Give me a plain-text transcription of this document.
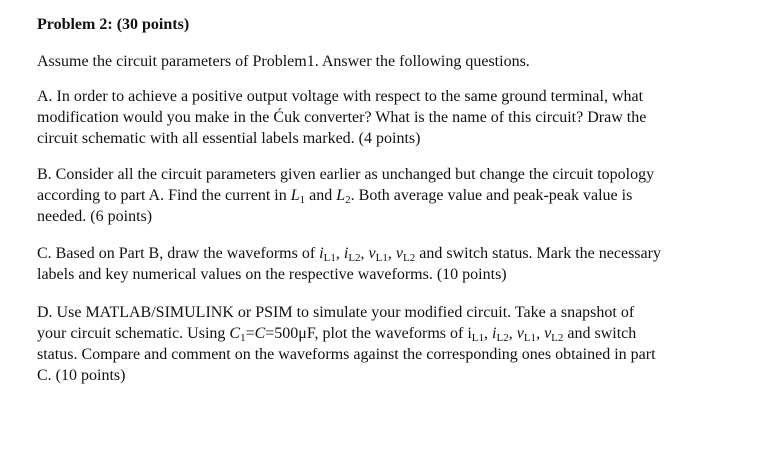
Problem 2: (30 points)
Assume the circuit parameters of Problem1. Answer the following questions.
A. In order to achieve a positive output voltage with respect to the same ground terminal, what
modification would you make in the Ćuk converter? What is the name of this circuit? Draw the
circuit schematic with all essential labels marked. (4 points)
B. Consider all the circuit parameters given earlier as unchanged but change the circuit topology
according to part A. Find the current in $L_1$ and $L_2$. Both average value and peak-peak value is
needed. (6 points)
C. Based on Part B, draw the waveforms of $i_{L1}$, $i_{L2}$, $v_{L1}$, $v_{L2}$ and switch status. Mark the necessary
labels and key numerical values on the respective waveforms. (10 points)
D. Use MATLAB/SIMULINK or PSIM to simulate your modified circuit. Take a snapshot of
your circuit schematic. Using $C_1=C=500\mu F$, plot the waveforms of $i_{L1}$, $i_{L2}$, $v_{L1}$, $v_{L2}$ and switch
status. Compare and comment on the waveforms against the corresponding ones obtained in part
C. (10 points)
